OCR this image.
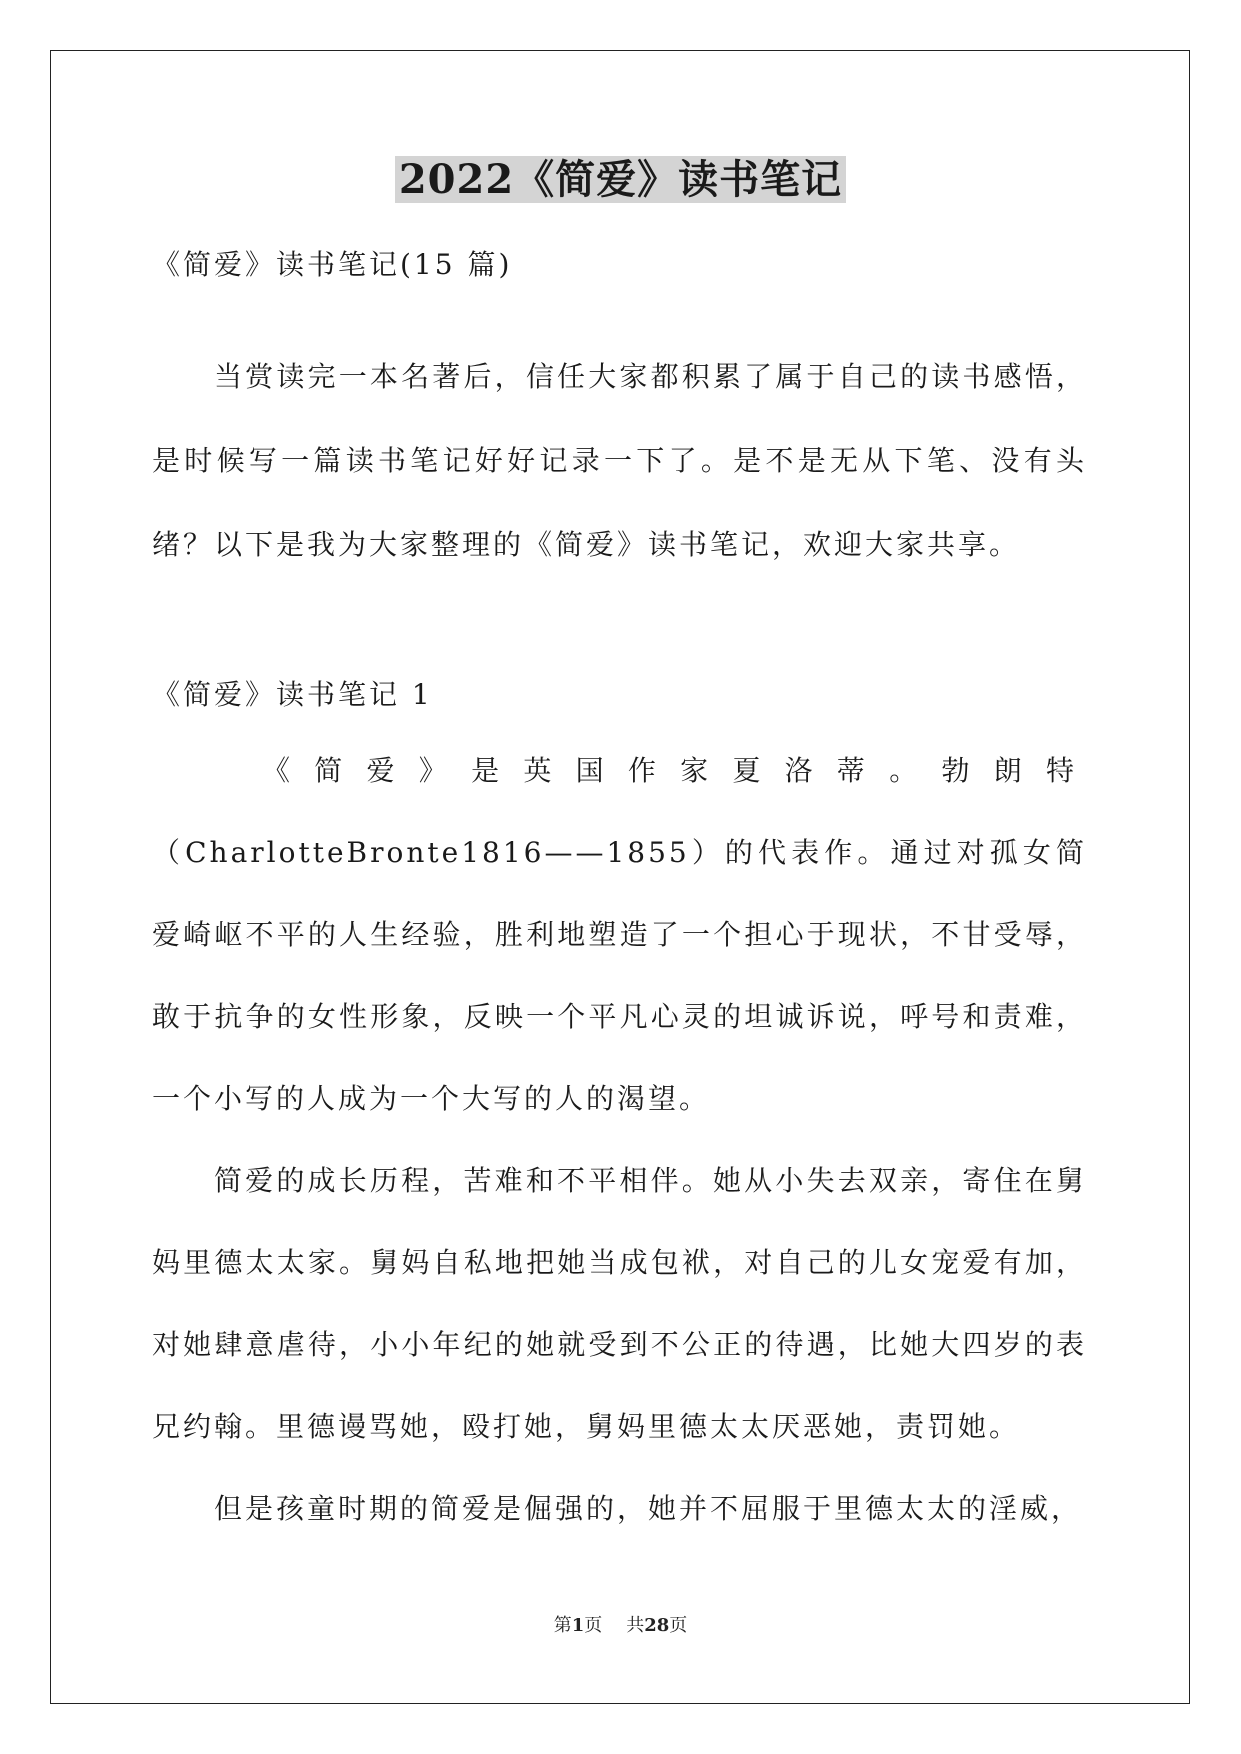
2022《简爱》读书笔记
《简爱》读书笔记(15 篇)

当赏读完一本名著后，信任大家都积累了属于自己的读书感悟，是时候写一篇读书笔记好好记录一下了。是不是无从下笔、没有头绪？以下是我为大家整理的《简爱》读书笔记，欢迎大家共享。

《简爱》读书笔记 1
《 简 爱 》 是 英 国 作 家 夏 洛 蒂 。 勃 朗 特

（CharlotteBronte1816——1855）的代表作。通过对孤女简爱崎岖不平的人生经验，胜利地塑造了一个担心于现状，不甘受辱，敢于抗争的女性形象，反映一个平凡心灵的坦诚诉说，呼号和责难，一个小写的人成为一个大写的人的渴望。

简爱的成长历程，苦难和不平相伴。她从小失去双亲，寄住在舅妈里德太太家。舅妈自私地把她当成包袱，对自己的儿女宠爱有加，对她肆意虐待，小小年纪的她就受到不公正的待遇，比她大四岁的表兄约翰。里德谩骂她，殴打她，舅妈里德太太厌恶她，责罚她。

但是孩童时期的简爱是倔强的，她并不屈服于里德太太的淫威，

第1页 共28页
